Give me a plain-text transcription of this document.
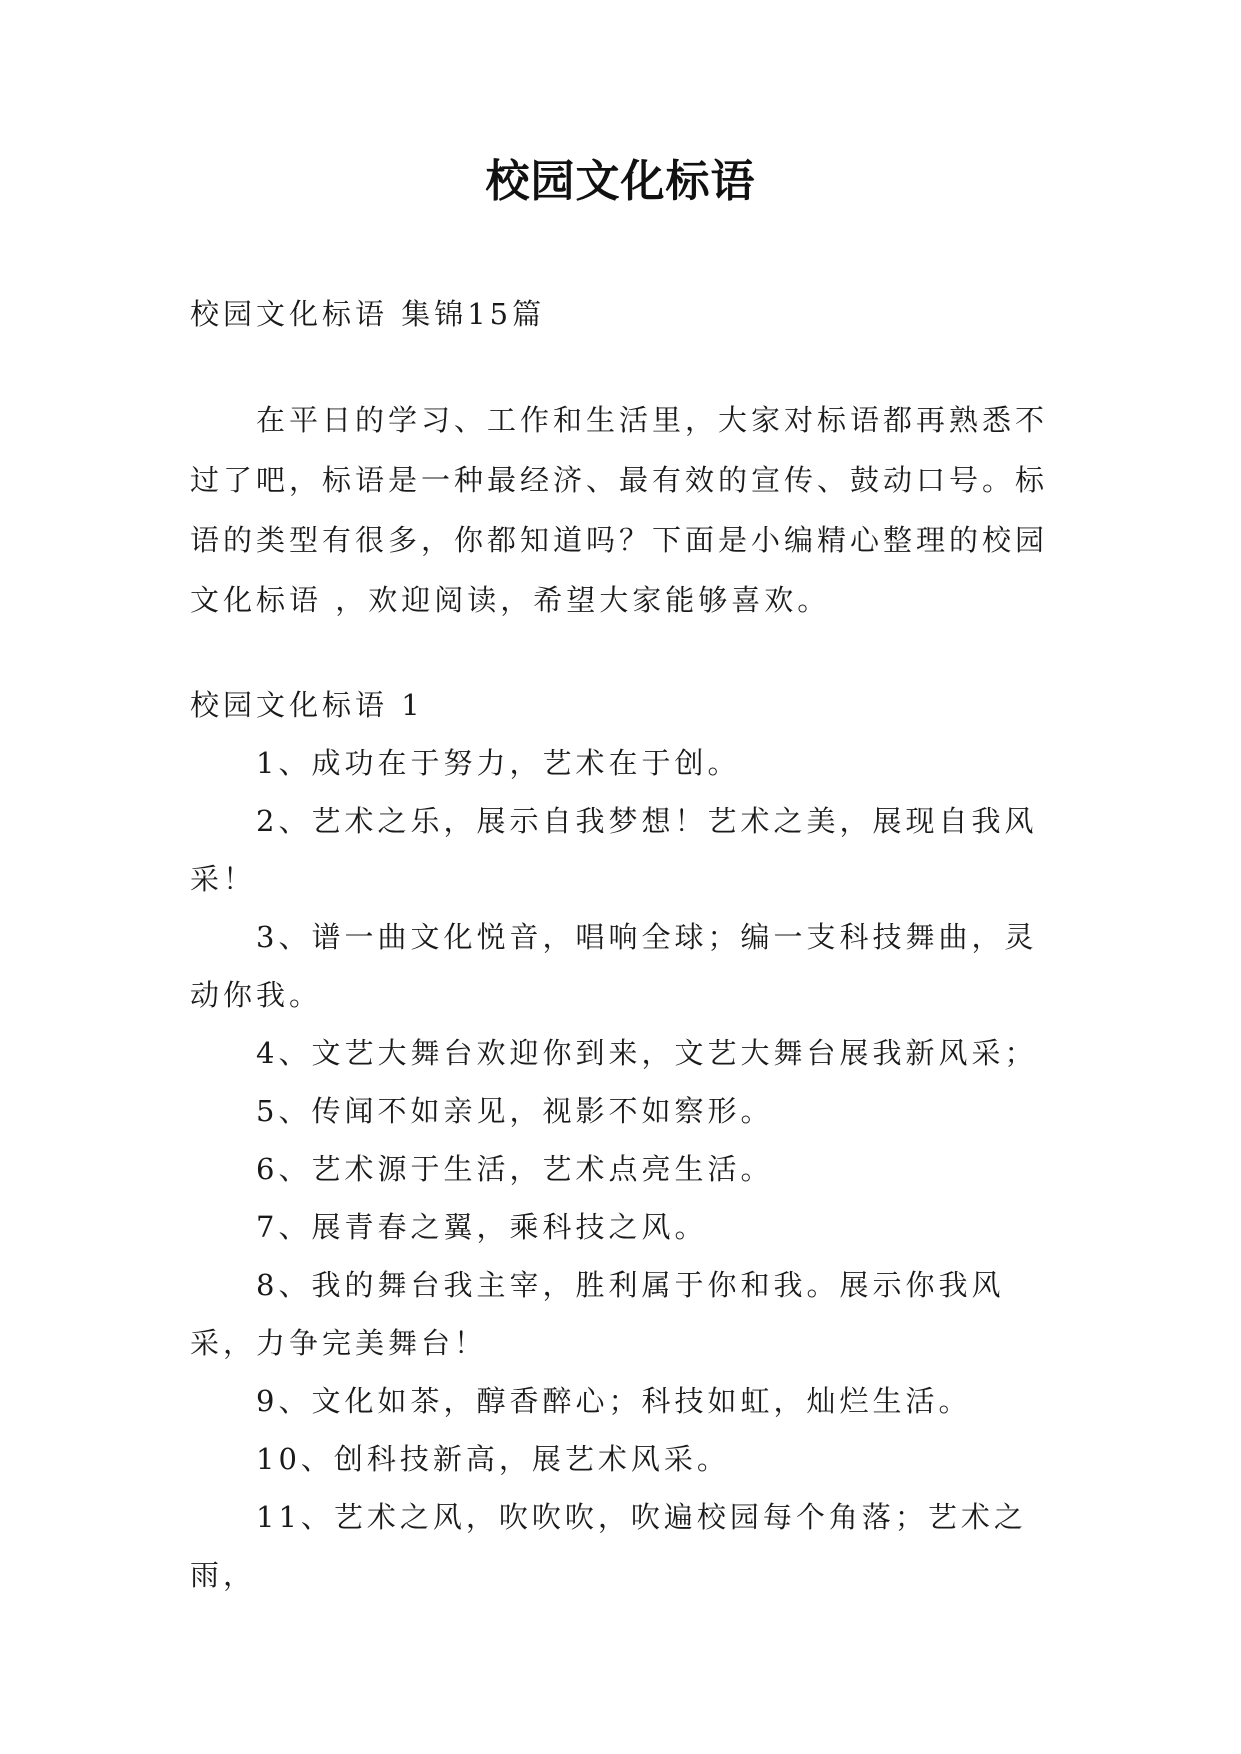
校园文化标语

校园文化标语 集锦15篇

在平日的学习、工作和生活里，大家对标语都再熟悉不过了吧，标语是一种最经济、最有效的宣传、鼓动口号。标语的类型有很多，你都知道吗？下面是小编精心整理的校园文化标语 ，欢迎阅读，希望大家能够喜欢。

校园文化标语 1

1、成功在于努力，艺术在于创。

2、艺术之乐，展示自我梦想！艺术之美，展现自我风采！

3、谱一曲文化悦音，唱响全球；编一支科技舞曲，灵动你我。

4、文艺大舞台欢迎你到来，文艺大舞台展我新风采；

5、传闻不如亲见，视影不如察形。

6、艺术源于生活，艺术点亮生活。

7、展青春之翼，乘科技之风。

8、我的舞台我主宰，胜利属于你和我。展示你我风采，力争完美舞台！

9、文化如茶，醇香醉心；科技如虹，灿烂生活。

10、创科技新高，展艺术风采。

11、艺术之风，吹吹吹，吹遍校园每个角落；艺术之雨，
